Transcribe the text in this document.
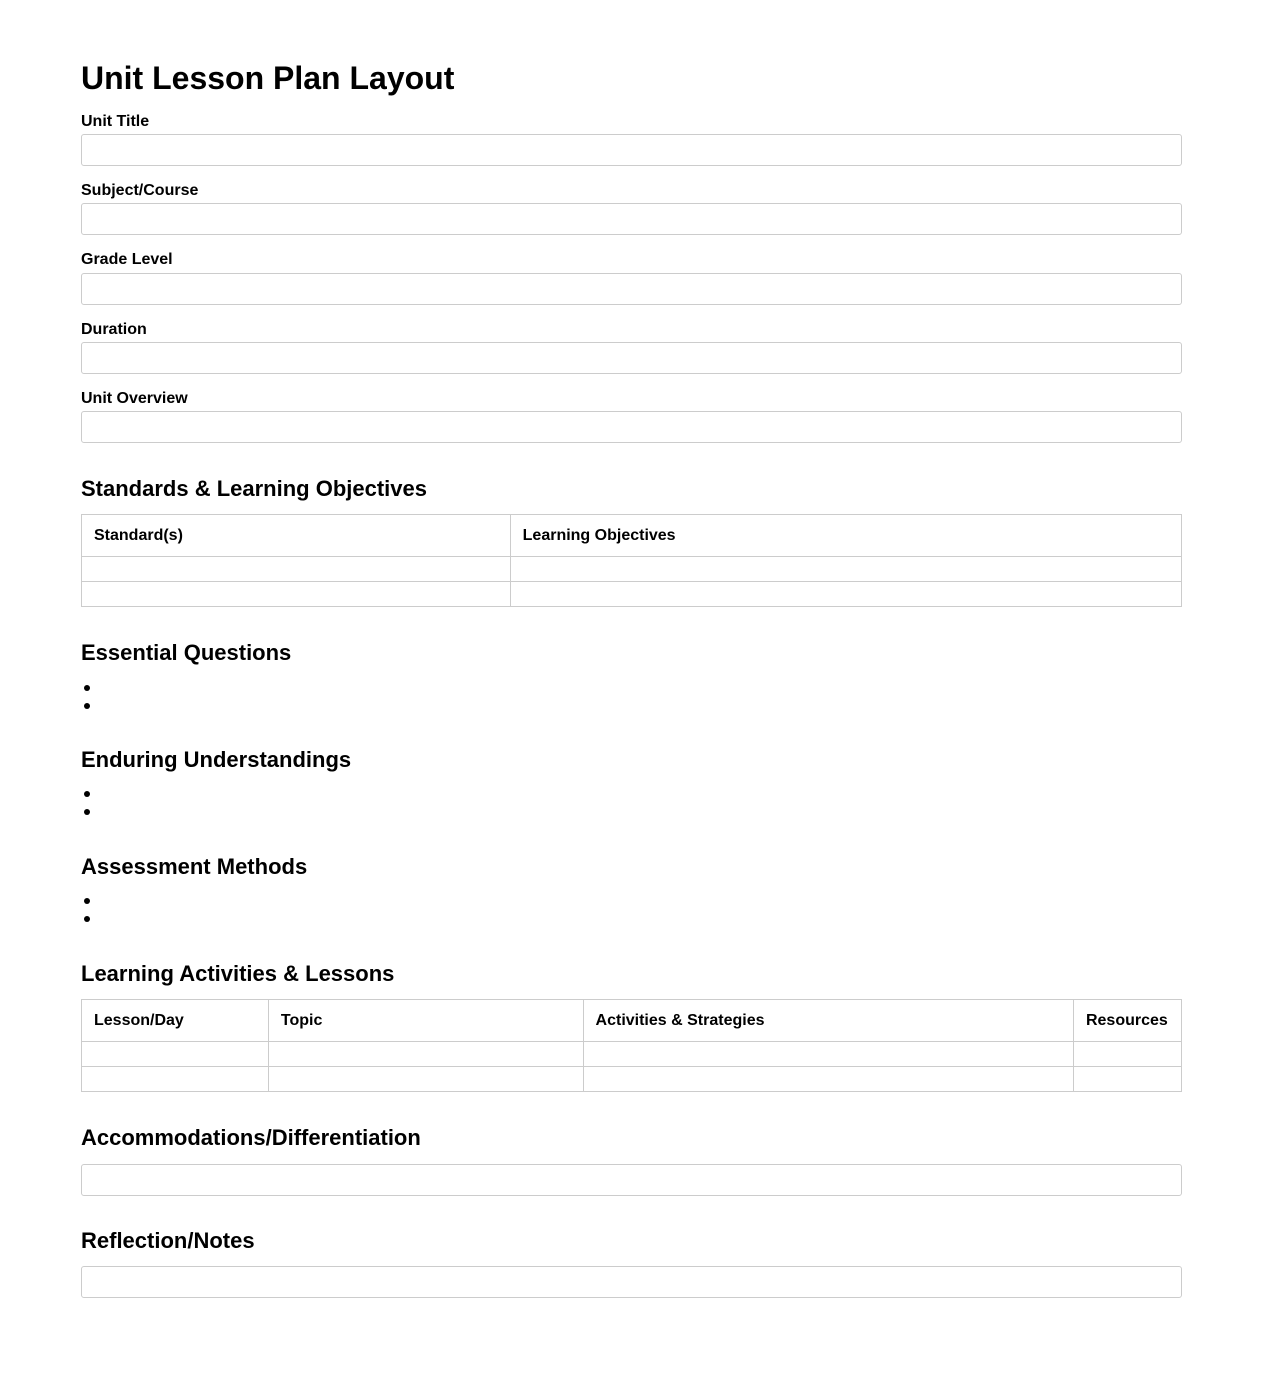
Unit Lesson Plan Layout
Unit Title
Subject/Course
Grade Level
Duration
Unit Overview
Standards & Learning Objectives
Standard(s)	Learning Objectives

Essential Questions
Enduring Understandings
Assessment Methods
Learning Activities & Lessons
Lesson/Day	Topic	Activities & Strategies	Resources

Accommodations/Differentiation
Reflection/Notes
